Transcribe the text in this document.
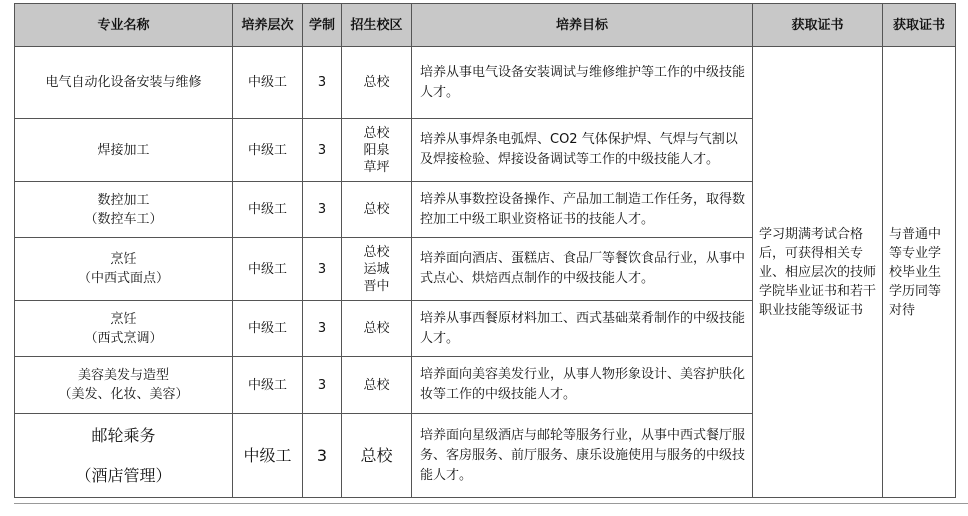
专业名称	培养层次	学制	招生校区	培养目标	获取证书	获取证书

电气自动化设备安装与维修	中级工	3	总校	培养从事电气设备安装调试与维修维护等工作的中级技能人才。	学习期满考试合格后，可获得相关专业、相应层次的技师学院毕业证书和若干职业技能等级证书	与普通中等专业学校毕业生学历同等对待

焊接加工	中级工	3	总校阳泉草坪	培养从事焊条电弧焊、CO2 气体保护焊、气焊与气割以及焊接检验、焊接设备调试等工作的中级技能人才。		

数控加工
（数控车工）	中级工	3	总校	培养从事数控设备操作、产品加工制造工作任务，取得数控加工中级工职业资格证书的技能人才。		

烹饪
（中西式面点）	中级工	3	总校运城晋中	培养面向酒店、蛋糕店、食品厂等餐饮食品行业，从事中式点心、烘焙西点制作的中级技能人才。		

烹饪
（西式烹调）	中级工	3	总校	培养从事西餐原材料加工、西式基础菜肴制作的中级技能人才。		

美容美发与造型
（美发、化妆、美容）	中级工	3	总校	培养面向美容美发行业，从事人物形象设计、美容护肤化妆等工作的中级技能人才。		

邮轮乘务
（酒店管理）	中级工	3	总校	培养面向星级酒店与邮轮等服务行业，从事中西式餐厅服务、客房服务、前厅服务、康乐设施使用与服务的中级技能人才。		
